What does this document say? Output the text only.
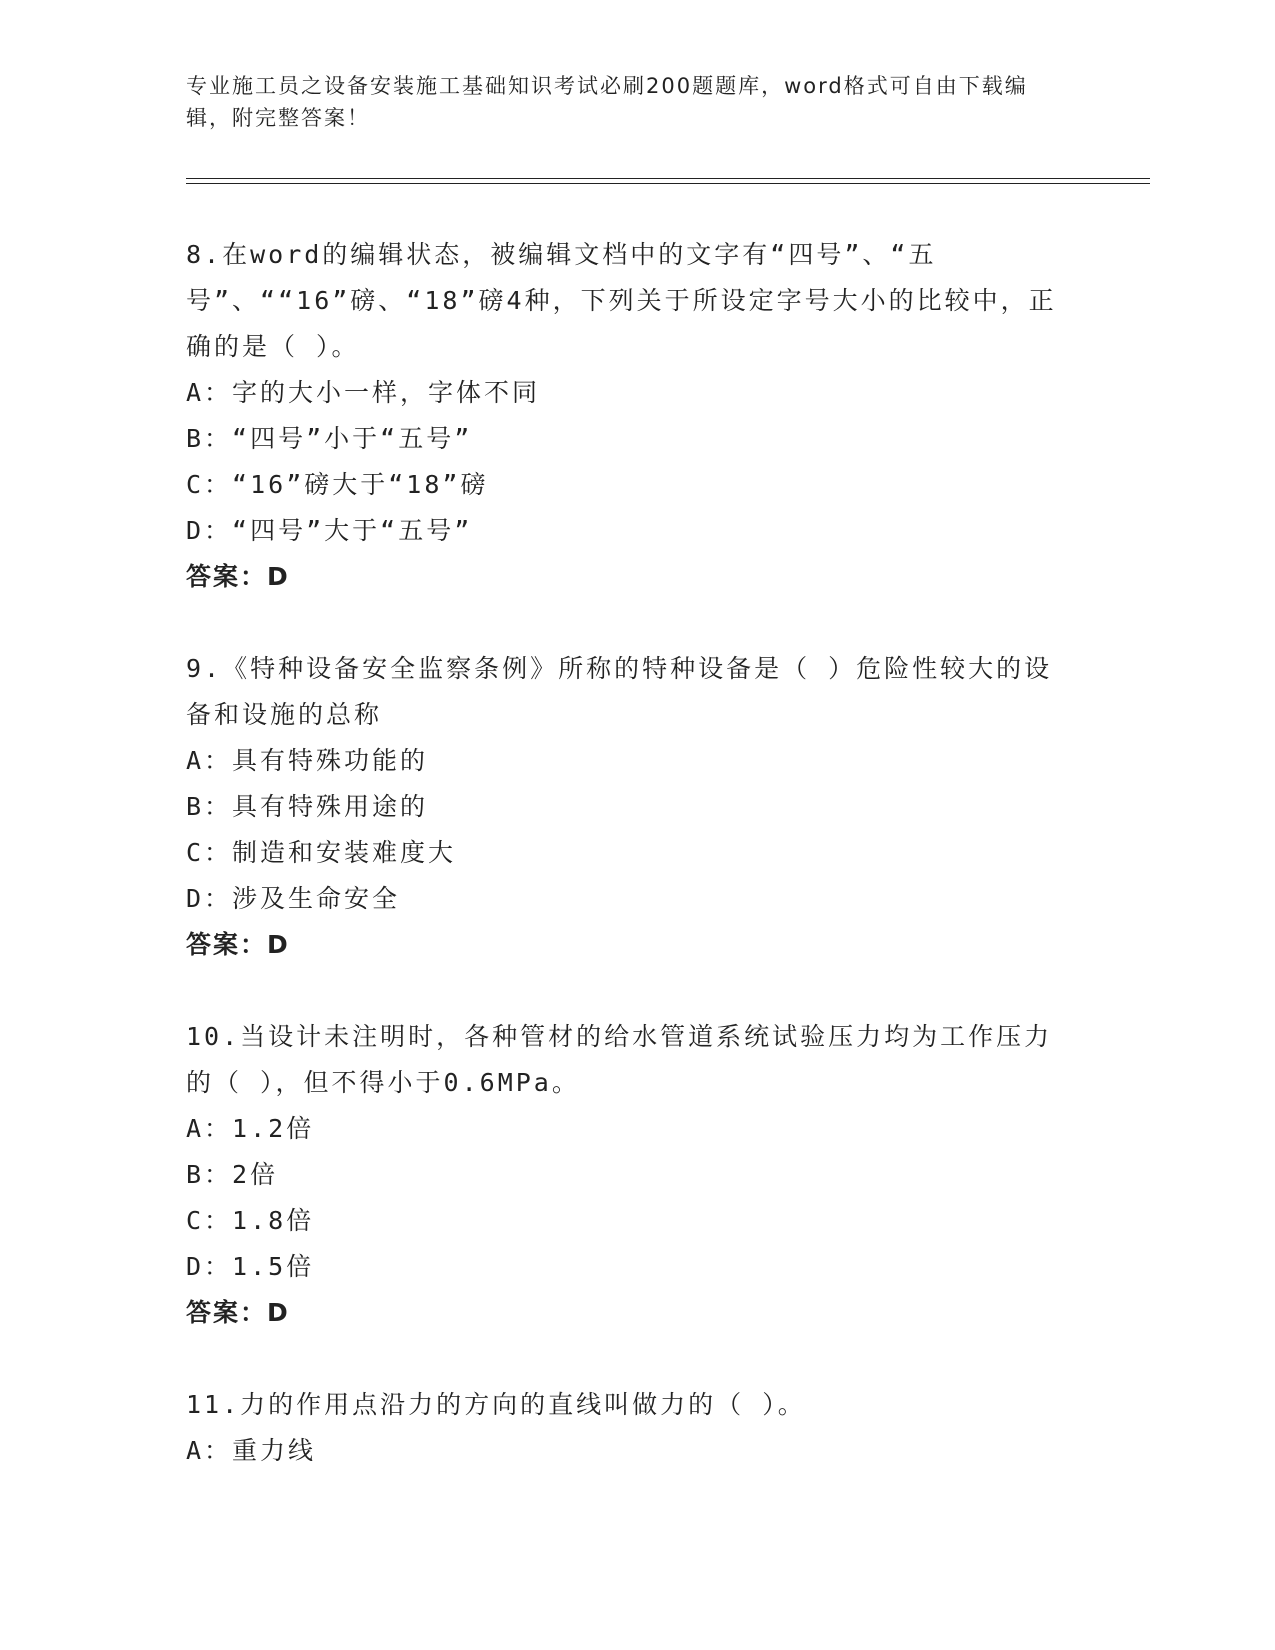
专业施工员之设备安装施工基础知识考试必刷200题题库，word格式可自由下载编辑，附完整答案！

8.在word的编辑状态，被编辑文档中的文字有“四号”、“五号”、““16”磅、“18”磅4种，下列关于所设定字号大小的比较中，正确的是（ ）。

A：字的大小一样，字体不同

B：“四号”小于“五号”

C：“16”磅大于“18”磅

D：“四号”大于“五号”

答案：D

9.《特种设备安全监察条例》所称的特种设备是（ ）危险性较大的设备和设施的总称

A：具有特殊功能的

B：具有特殊用途的

C：制造和安装难度大

D：涉及生命安全

答案：D

10.当设计未注明时，各种管材的给水管道系统试验压力均为工作压力的（ ），但不得小于0.6MPa。

A：1.2倍

B：2倍

C：1.8倍

D：1.5倍

答案：D

11.力的作用点沿力的方向的直线叫做力的（ ）。

A：重力线
